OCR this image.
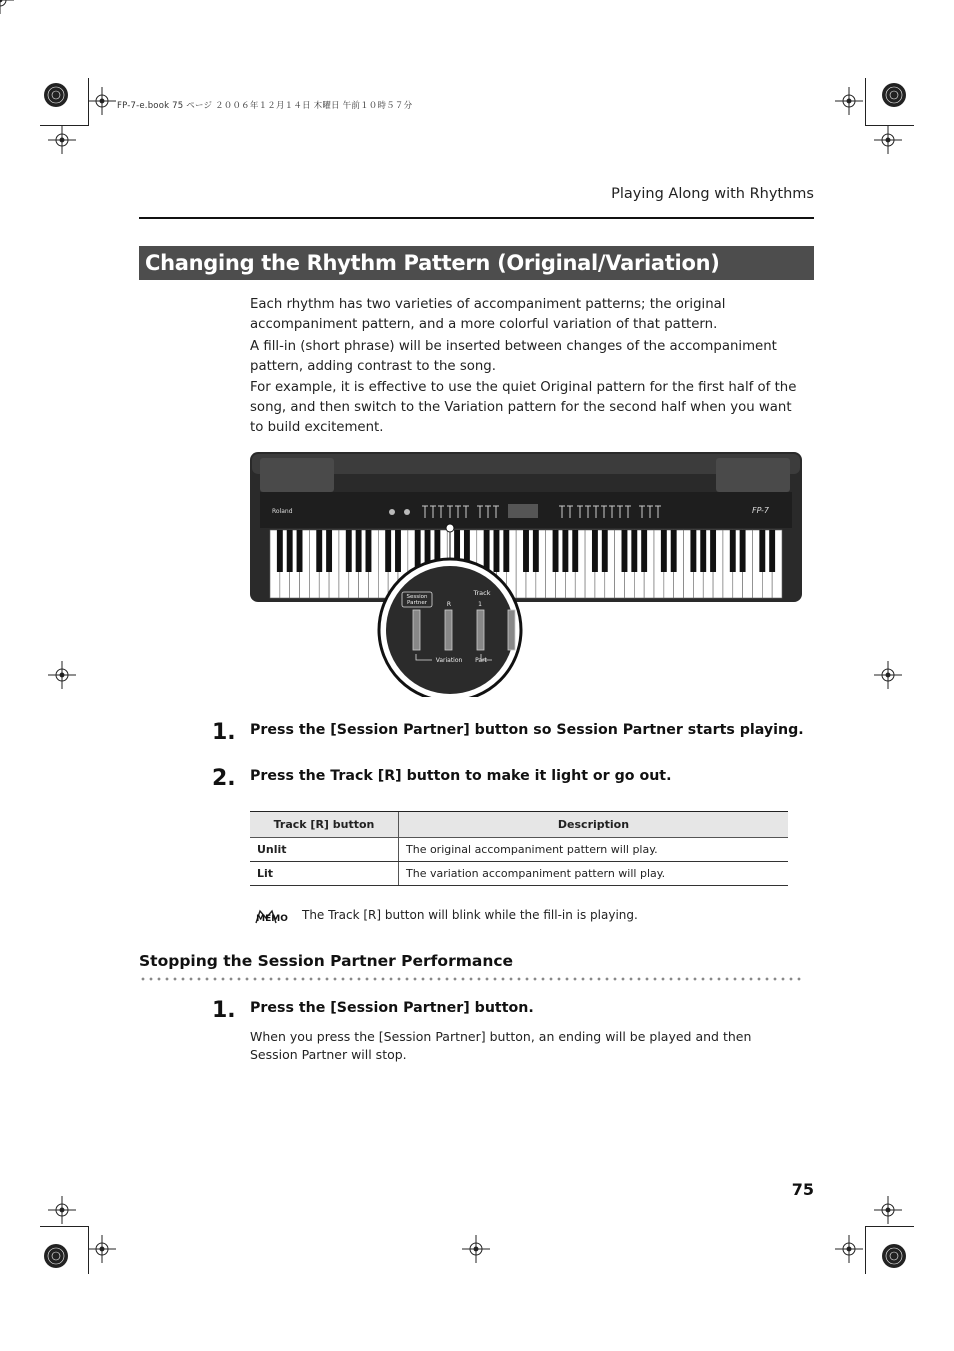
FP-7-e.book 75 ページ ２００６年１２月１４日 木曜日 午前１０時５７分
Playing Along with Rhythms
Changing the Rhythm Pattern (Original/Variation)

Each rhythm has two varieties of accompaniment patterns; the original accompaniment pattern, and a more colorful variation of that pattern.

A fill-in (short phrase) will be inserted between changes of the accompaniment pattern, adding contrast to the song.

For example, it is effective to use the quiet Original pattern for the first half of the song, and then switch to the Variation pattern for the second half when you want to build excitement.

Roland	FP-7
Session
Partner
Track
R	1
Variation Part
1. Press the [Session Partner] button so Session Partner starts playing.
2. Press the Track [R] button to make it light or go out.
Track [R] button	Description
Unlit	The original accompaniment pattern will play.
Lit	The variation accompaniment pattern will play.
MEMO The Track [R] button will blink while the fill-in is playing.
Stopping the Session Partner Performance
1. Press the [Session Partner] button.

When you press the [Session Partner] button, an ending will be played and then Session Partner will stop.

75
